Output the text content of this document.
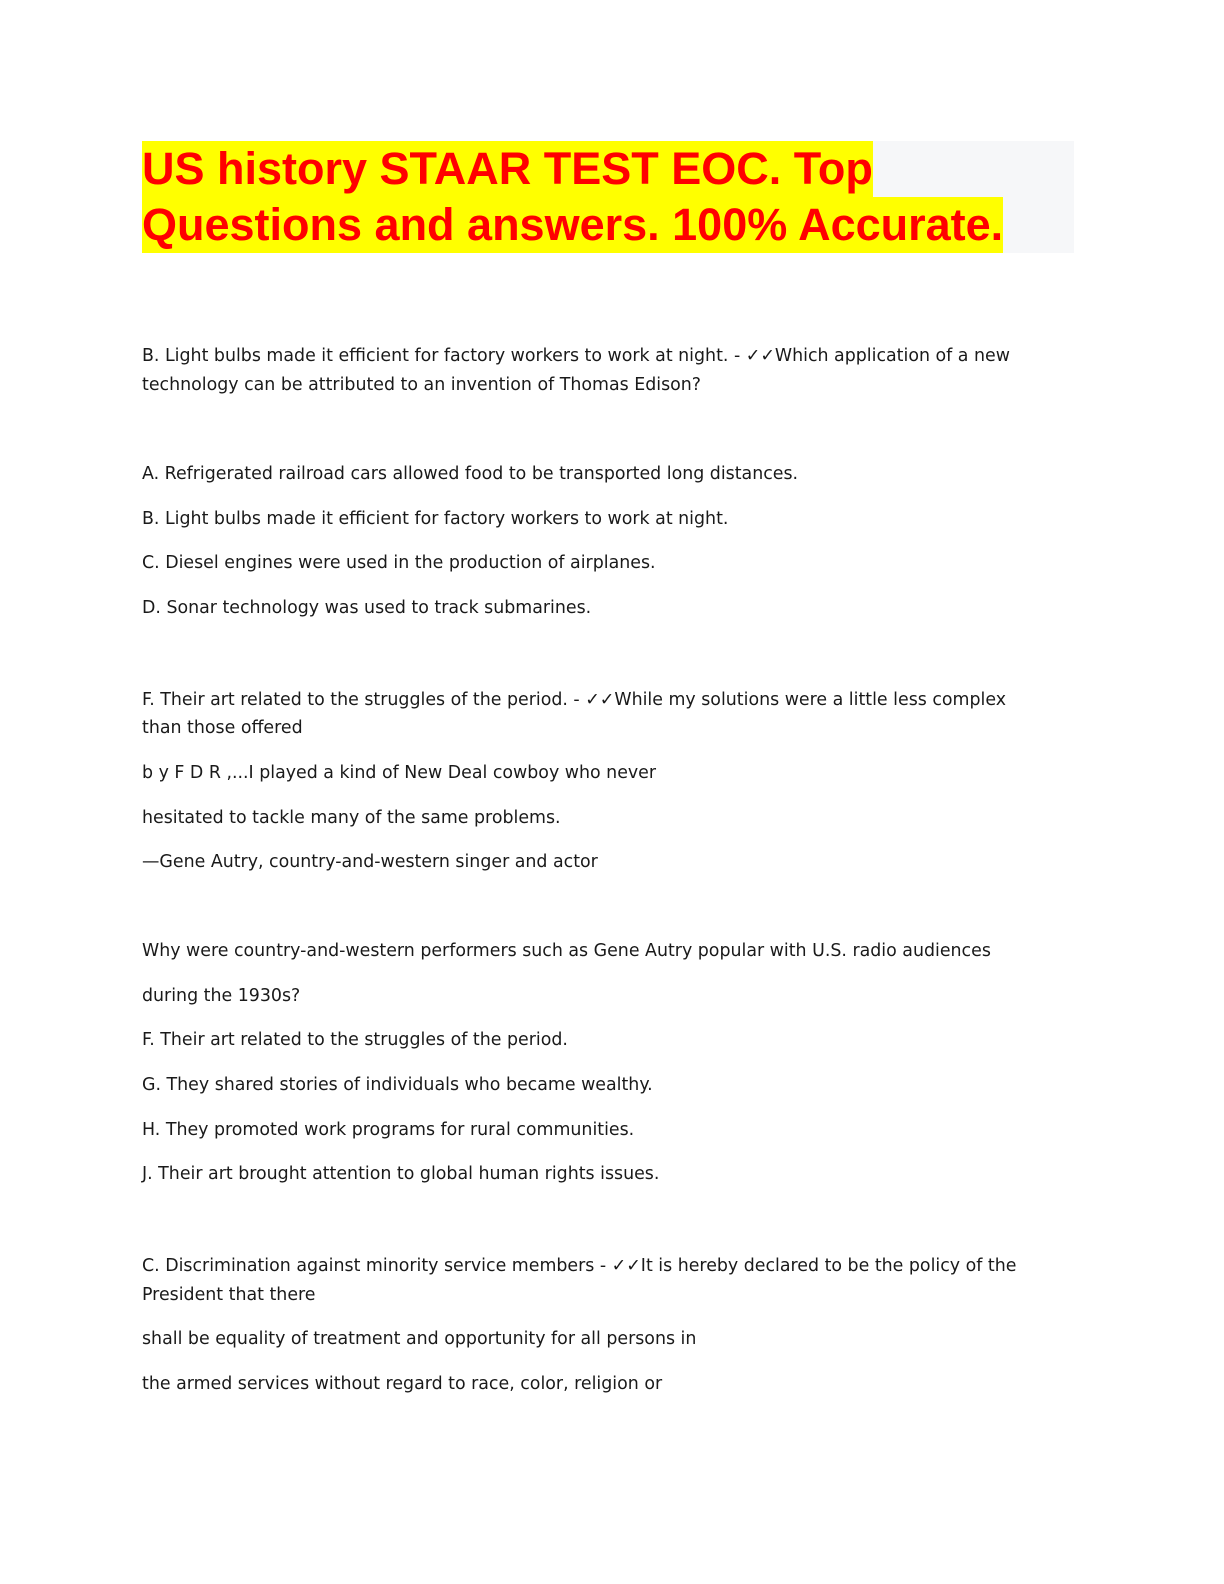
US history STAAR TEST EOC. Top
Questions and answers. 100% Accurate.
B. Light bulbs made it efficient for factory workers to work at night. - ✓✓Which application of a new
technology can be attributed to an invention of Thomas Edison?
A. Refrigerated railroad cars allowed food to be transported long distances.
B. Light bulbs made it efficient for factory workers to work at night.
C. Diesel engines were used in the production of airplanes.
D. Sonar technology was used to track submarines.
F. Their art related to the struggles of the period. - ✓✓While my solutions were a little less complex
than those offered
b y F D R ,...I played a kind of New Deal cowboy who never
hesitated to tackle many of the same problems.
—Gene Autry, country-and-western singer and actor
Why were country-and-western performers such as Gene Autry popular with U.S. radio audiences
during the 1930s?
F. Their art related to the struggles of the period.
G. They shared stories of individuals who became wealthy.
H. They promoted work programs for rural communities.
J. Their art brought attention to global human rights issues.
C. Discrimination against minority service members - ✓✓It is hereby declared to be the policy of the
President that there
shall be equality of treatment and opportunity for all persons in
the armed services without regard to race, color, religion or
